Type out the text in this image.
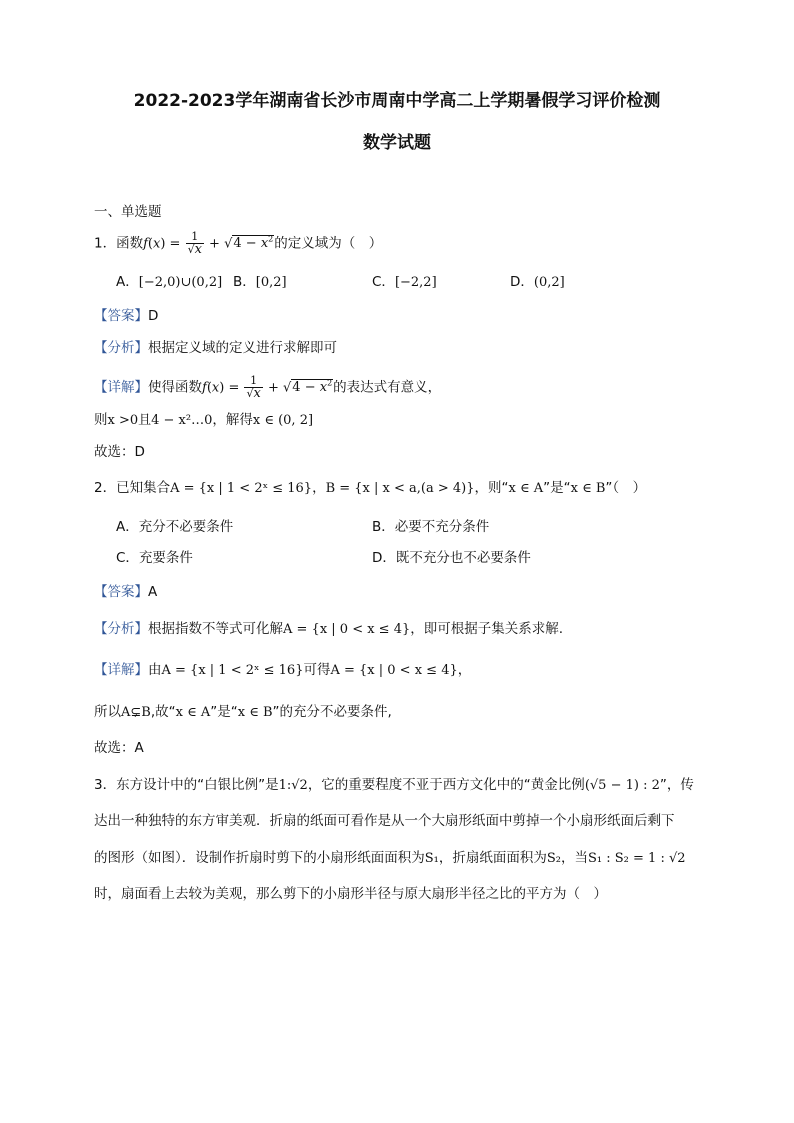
2022-2023学年湖南省长沙市周南中学高二上学期暑假学习评价检测
数学试题
一、单选题
1．函数$f(x) = \frac{1}{√x} + √4 - x^2$的定义域为（　）
A．[−2,0)∪(0,2] B．[0,2]	C．[−2,2]	D．(0,2]
【答案】D
【分析】根据定义域的定义进行求解即可
【详解】使得函数$f(x) = \frac{1}{√x} + √4 - x^2$的表达式有意义，
则x >0且4 − x²…0，解得x ∈ (0, 2]
故选：D
2．已知集合A = {x | 1 < 2ˣ ≤ 16}，B = {x | x < a,(a > 4)}，则“x ∈ A”是“x ∈ B”（　）
A．充分不必要条件	B．必要不充分条件
C．充要条件	D．既不充分也不必要条件
【答案】A
【分析】根据指数不等式可化解A = {x | 0 < x ≤ 4}，即可根据子集关系求解.
【详解】由A = {x | 1 < 2ˣ ≤ 16}可得A = {x | 0 < x ≤ 4}，
所以A⊊B,故“x ∈ A”是“x ∈ B”的充分不必要条件,
故选：A
3．东方设计中的“白银比例”是1:√2，它的重要程度不亚于西方文化中的“黄金比例(√5 − 1) : 2”，传
达出一种独特的东方审美观．折扇的纸面可看作是从一个大扇形纸面中剪掉一个小扇形纸面后剩下
的图形（如图）．设制作折扇时剪下的小扇形纸面面积为S₁，折扇纸面面积为S₂，当S₁ : S₂ = 1 : √2
时，扇面看上去较为美观，那么剪下的小扇形半径与原大扇形半径之比的平方为（　）
